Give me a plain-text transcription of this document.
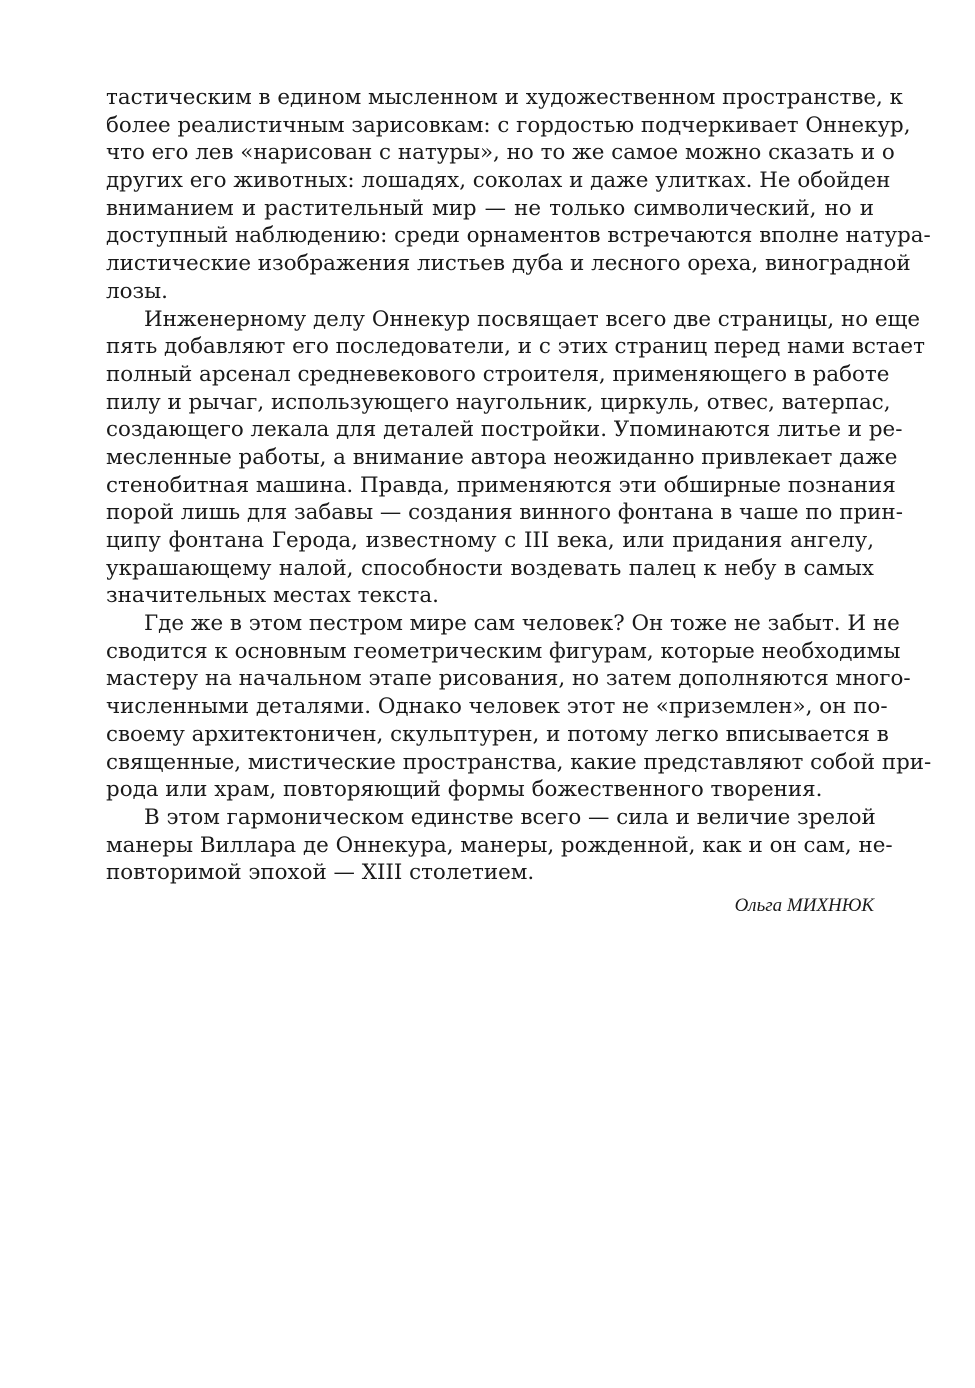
тастическим в едином мысленном и художественном пространстве, к
более реалистичным зарисовкам: с гордостью подчеркивает Оннекур,
что его лев «нарисован с натуры», но то же самое можно сказать и о
других его животных: лошадях, соколах и даже улитках. Не обойден
вниманием и растительный мир — не только символический, но и
доступный наблюдению: среди орнаментов встречаются вполне натура-
листические изображения листьев дуба и лесного ореха, виноградной
лозы.
Инженерному делу Оннекур посвящает всего две страницы, но еще
пять добавляют его последователи, и с этих страниц перед нами встает
полный арсенал средневекового строителя, применяющего в работе
пилу и рычаг, использующего наугольник, циркуль, отвес, ватерпас,
создающего лекала для деталей постройки. Упоминаются литье и ре-
месленные работы, а внимание автора неожиданно привлекает даже
стенобитная машина. Правда, применяются эти обширные познания
порой лишь для забавы — создания винного фонтана в чаше по прин-
ципу фонтана Герода, известному с III века, или придания ангелу,
украшающему налой, способности воздевать палец к небу в самых
значительных местах текста.
Где же в этом пестром мире сам человек? Он тоже не забыт. И не
сводится к основным геометрическим фигурам, которые необходимы
мастеру на начальном этапе рисования, но затем дополняются много-
численными деталями. Однако человек этот не «приземлен», он по-
своему архитектоничен, скульптурен, и потому легко вписывается в
священные, мистические пространства, какие представляют собой при-
рода или храм, повторяющий формы божественного творения.
В этом гармоническом единстве всего — сила и величие зрелой
манеры Виллара де Оннекура, манеры, рожденной, как и он сам, не-
повторимой эпохой — XIII столетием.
Ольга МИХНЮК
